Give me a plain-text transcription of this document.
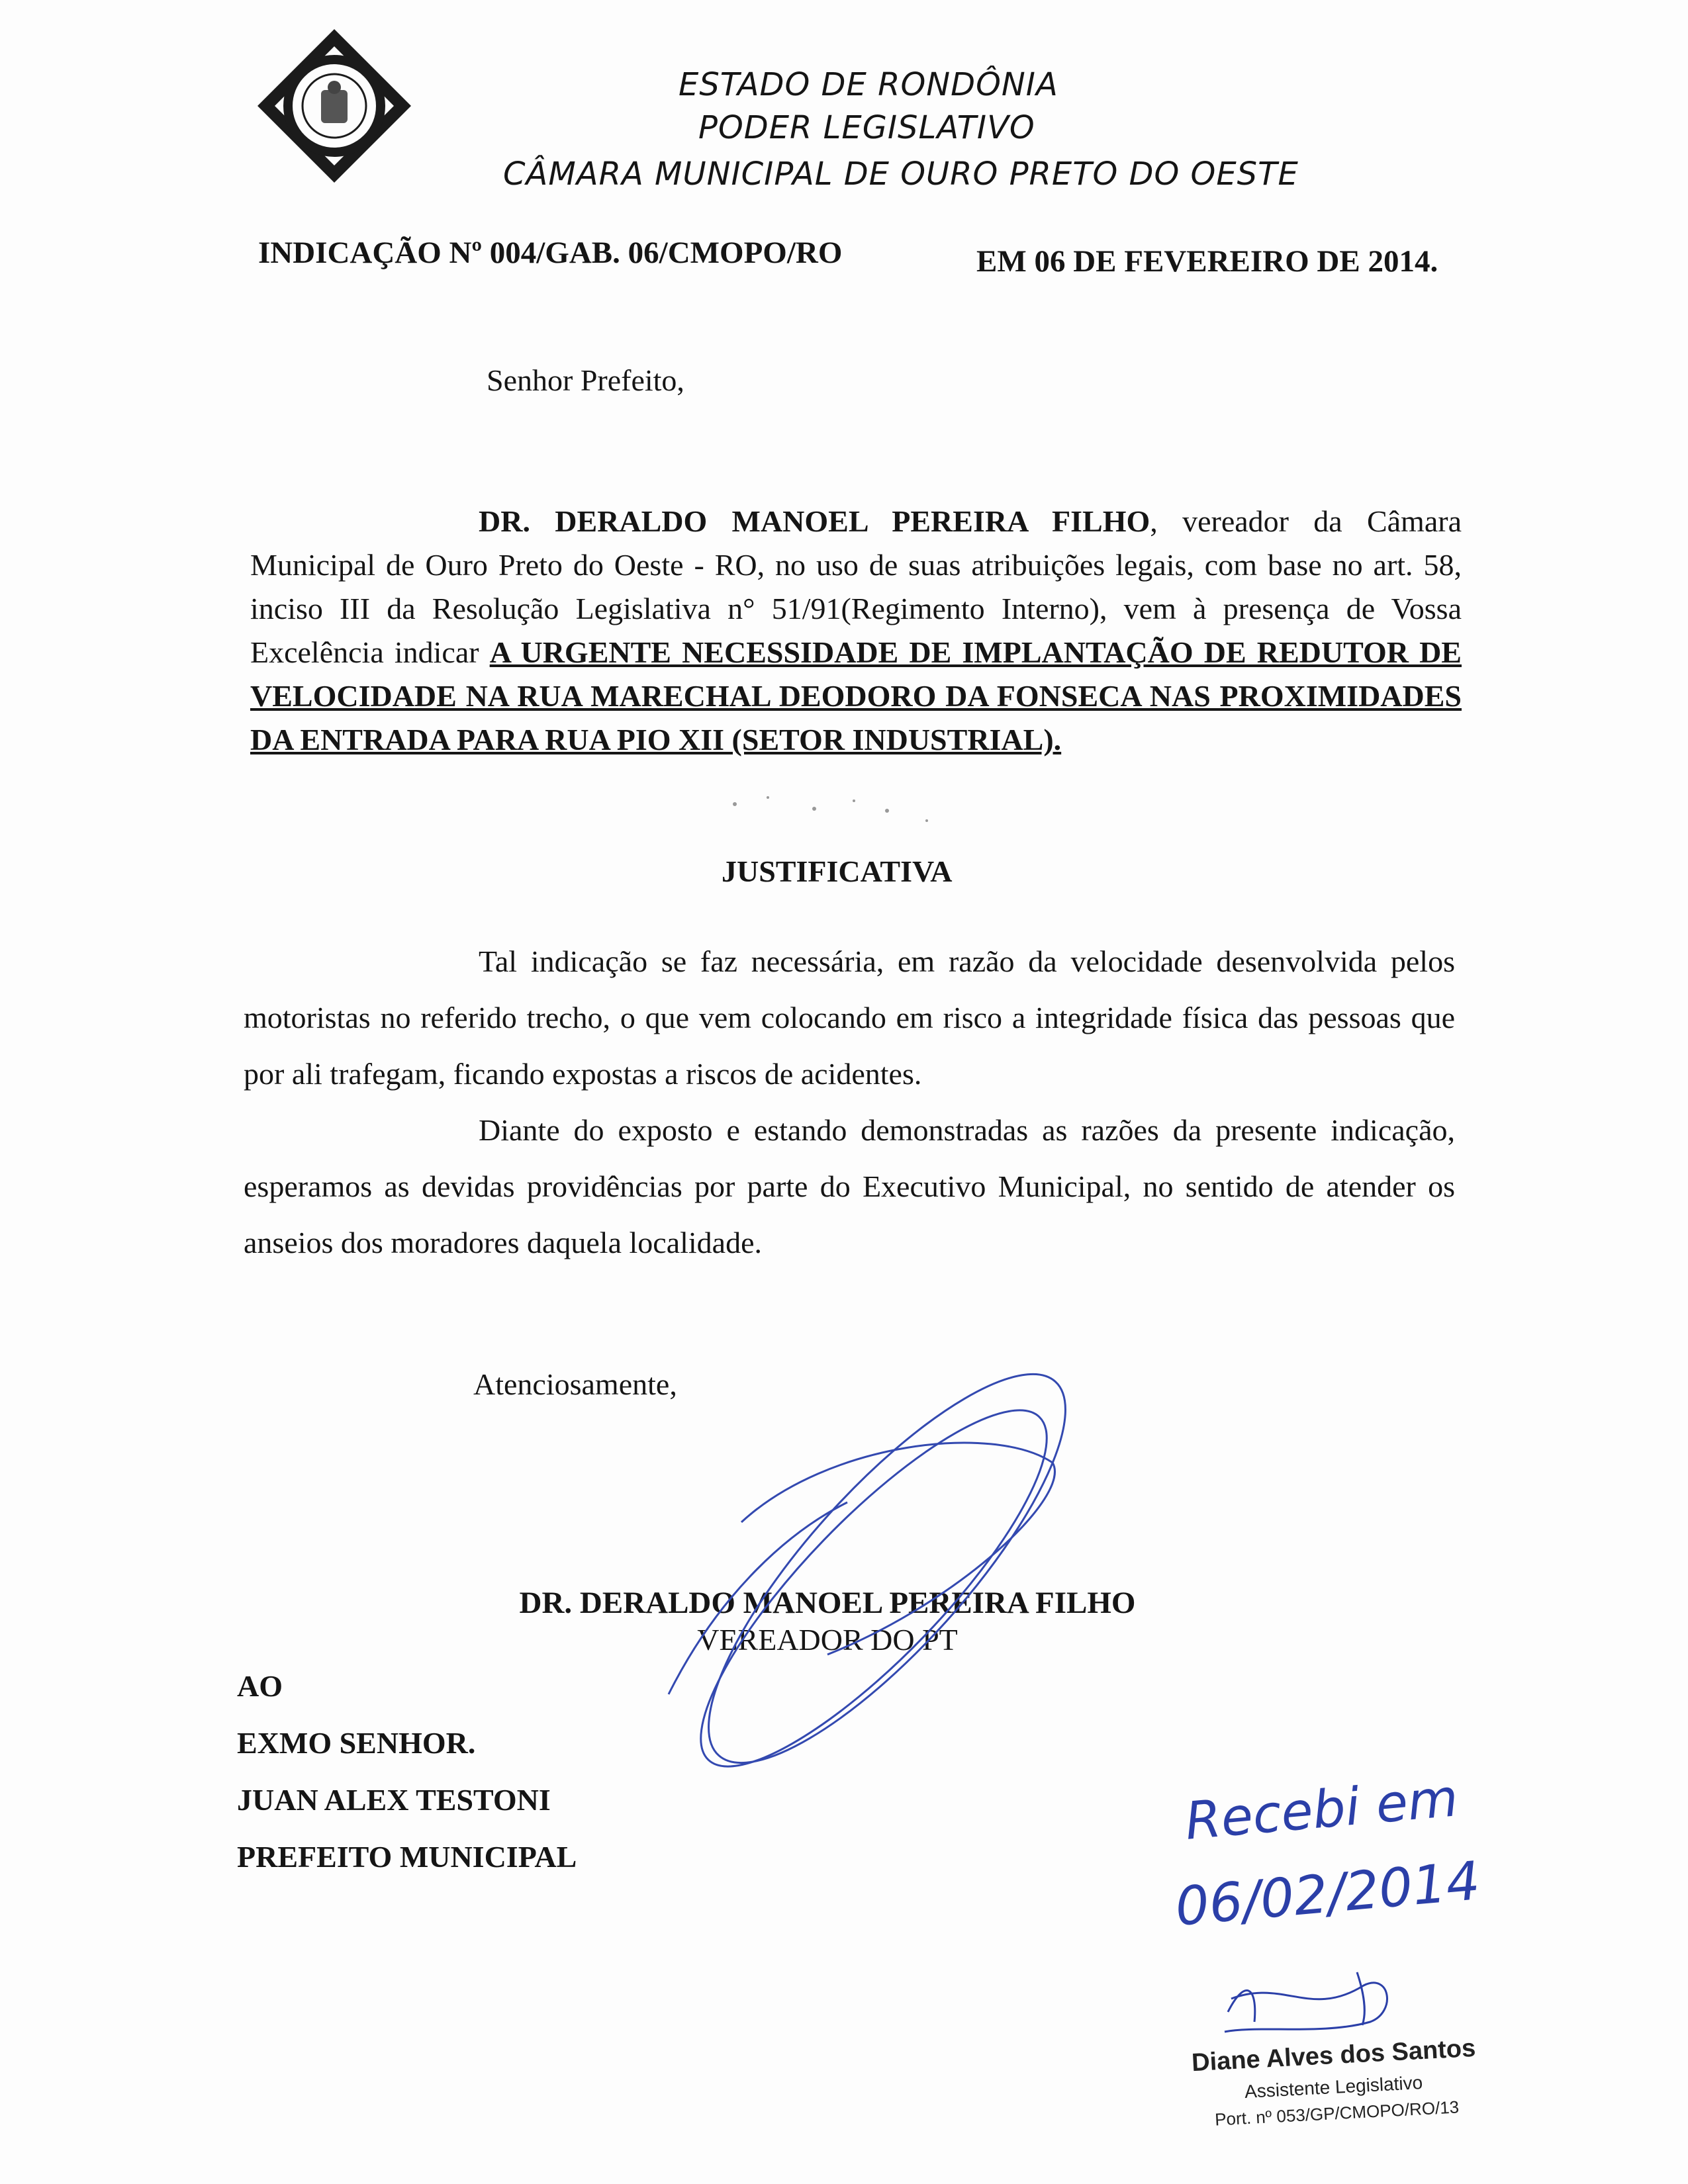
ESTADO DE RONDÔNIA
PODER LEGISLATIVO
CÂMARA MUNICIPAL DE OURO PRETO DO OESTE
INDICAÇÃO Nº 004/GAB. 06/CMOPO/RO	EM 06 DE FEVEREIRO DE 2014.
Senhor Prefeito,
DR. DERALDO MANOEL PEREIRA FILHO, vereador da Câmara Municipal de Ouro Preto do Oeste - RO, no uso de suas atribuições legais, com base no art. 58, inciso III da Resolução Legislativa n° 51/91(Regimento Interno), vem à presença de Vossa Excelência indicar A URGENTE NECESSIDADE DE IMPLANTAÇÃO DE REDUTOR DE VELOCIDADE NA RUA MARECHAL DEODORO DA FONSECA NAS PROXIMIDADES DA ENTRADA PARA RUA PIO XII (SETOR INDUSTRIAL).
JUSTIFICATIVA
Tal indicação se faz necessária, em razão da velocidade desenvolvida pelos motoristas no referido trecho, o que vem colocando em risco a integridade física das pessoas que por ali trafegam, ficando expostas a riscos de acidentes.
Diante do exposto e estando demonstradas as razões da presente indicação, esperamos as devidas providências por parte do Executivo Municipal, no sentido de atender os anseios dos moradores daquela localidade.
Atenciosamente,
DR. DERALDO MANOEL PEREIRA FILHO
VEREADOR DO PT
AO
EXMO SENHOR.
JUAN ALEX TESTONI
PREFEITO MUNICIPAL
Recebi em
06/02/2014
Diane Alves dos Santos
Assistente Legislativo
Port. nº 053/GP/CMOPO/RO/13
